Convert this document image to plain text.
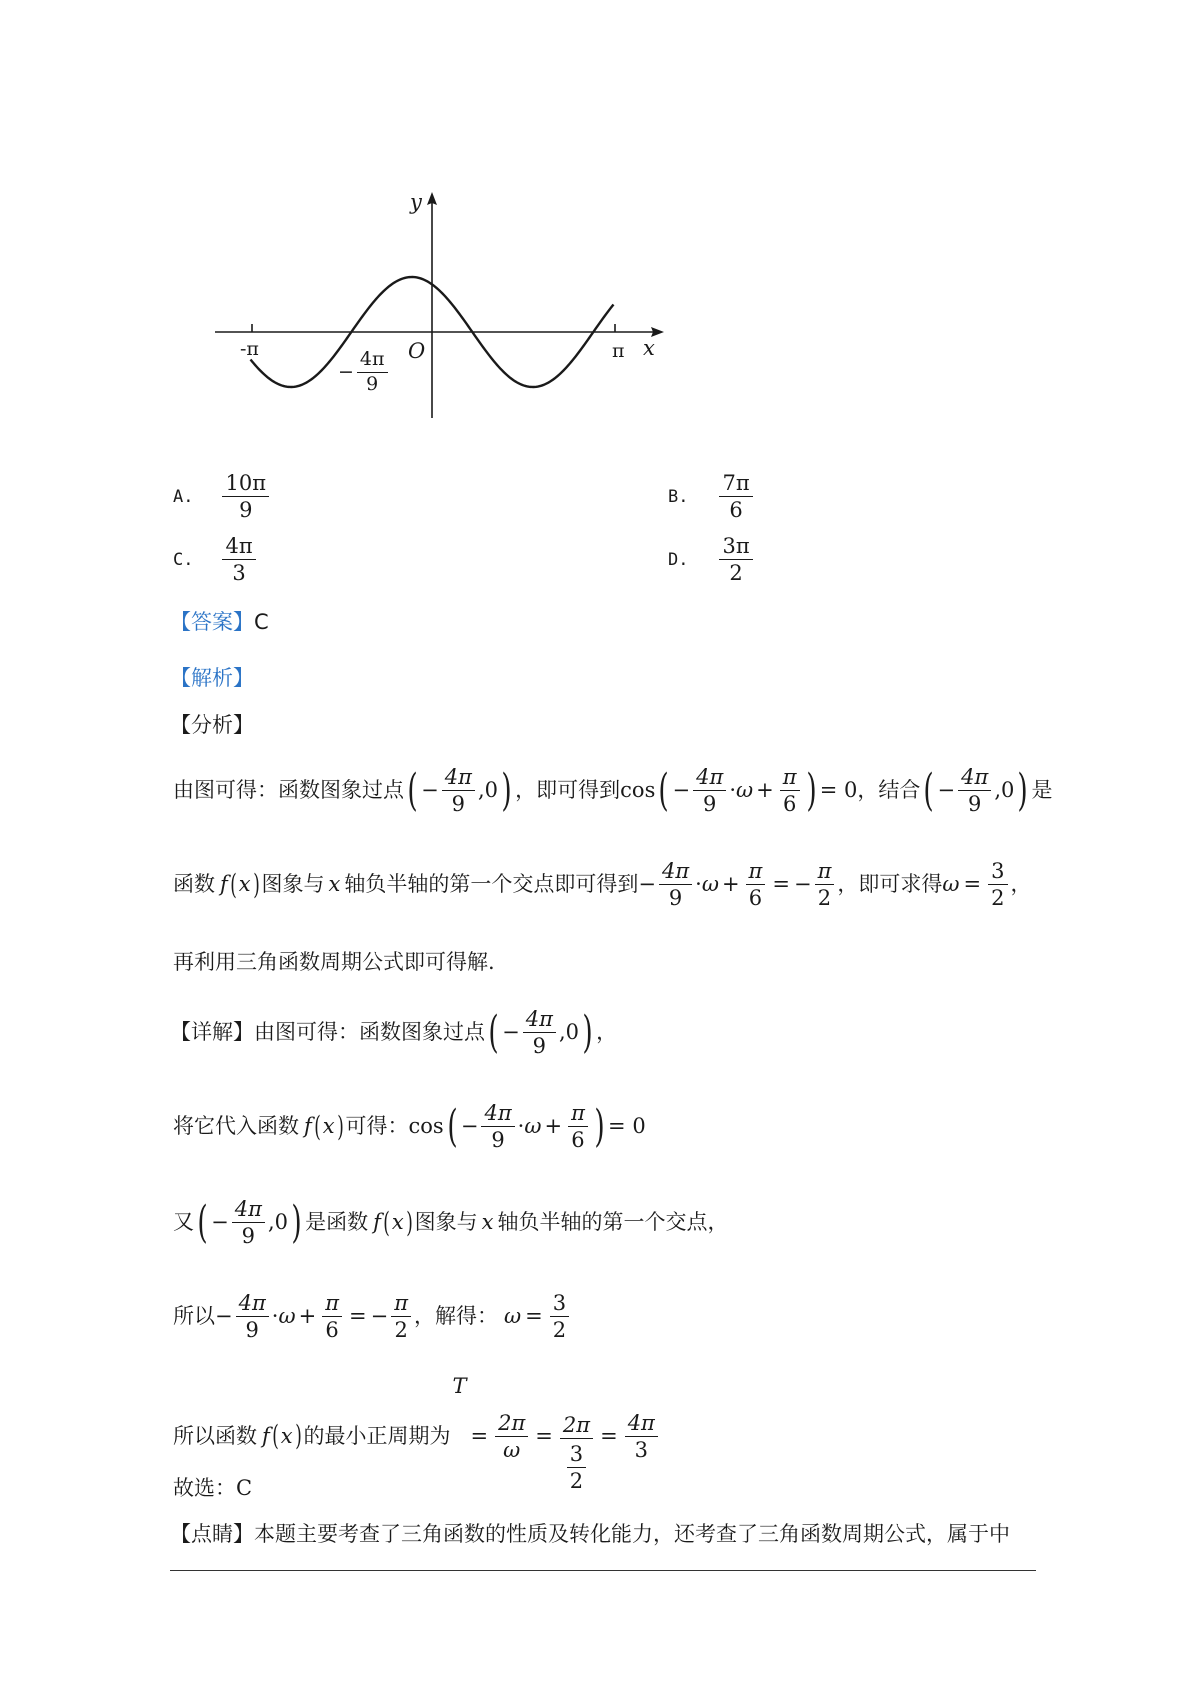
y
x
O
-π	π
− $\frac{4\pi}{9}$
A. $\frac{10\pi}{9}$	B. $\frac{7\pi}{6}$
C. $\frac{4\pi}{3}$	D. $\frac{3\pi}{2}$
【答案】C
【解析】
【分析】
由图可得：函数图象过点 ( − $\frac{4\pi}{9} ,0$ ) ，即可得到 cos ( − $\frac{4\pi}{9} \cdot \omega + \frac{\pi}{6}$ ) = 0 ，结合 ( − $\frac{4\pi}{9} ,0$ ) 是
函数 f ( x ) 图象与 x 轴负半轴的第一个交点即可得到 − $\frac{4\pi}{9} \cdot \omega + \frac{\pi}{6}$ = − $\frac{\pi}{2}$ ，即可求得 $\omega = \frac{3}{2}$ ，
再利用三角函数周期公式即可得解.
【详解】 由图可得：函数图象过点 ( − $\frac{4\pi}{9} ,0$ ) ，
将它代入函数 f ( x ) 可得： cos ( − $\frac{4\pi}{9} \cdot \omega + \frac{\pi}{6}$ ) = 0
又 ( − $\frac{4\pi}{9} ,0$ ) 是函数 f ( x ) 图象与 x 轴负半轴的第一个交点，
所以 − $\frac{4\pi}{9} \cdot \omega + \frac{\pi}{6}$ = − $\frac{\pi}{2}$ ，解得： $\omega = \frac{3}{2}$
所以函数 f ( x ) 的最小正周期为
T
= $\frac{2\pi}{\omega} = \frac{2\pi}{\frac{3}{2}} = \frac{4\pi}{3}$
故选：C
【点睛】本题主要考查了三角函数的性质及转化能力，还考查了三角函数周期公式，属于中
